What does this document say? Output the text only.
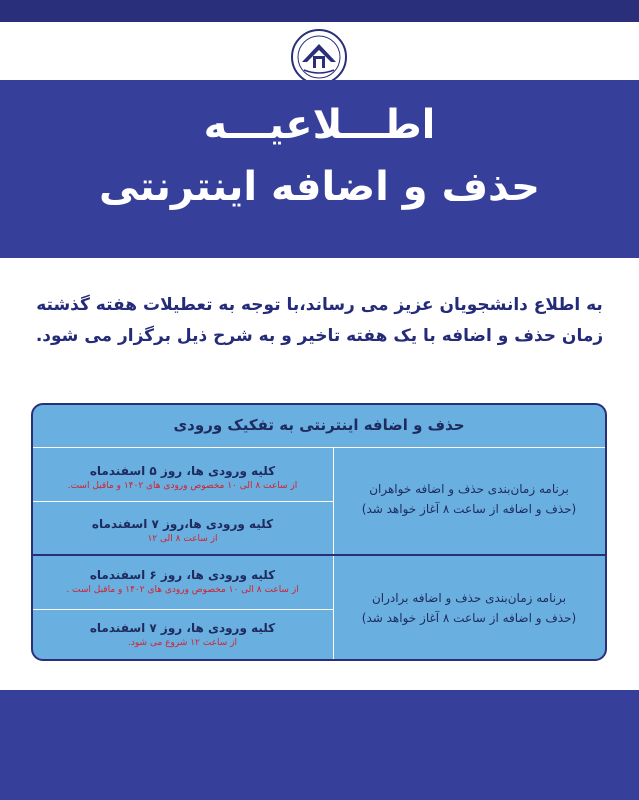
اطـــلاعیـــه
حذف و اضافه اینترنتی
به اطلاع دانشجویان عزیز می رساند،با توجه به تعطیلات هفته گذشته
زمان حذف و اضافه با یک هفته تاخیر و به شرح ذیل برگزار می شود.
حذف و اضافه اینترنتی به تفکیک ورودی
برنامه زمان‌بندی حذف و اضافه خواهران
(حذف و اضافه از ساعت ۸ آغاز خواهد شد)
کلیه ورودی ها، روز ۵ اسفندماه
از ساعت ۸ الی ۱۰ مخصوص ورودی های ۱۴۰۲ و ماقبل است.
کلیه ورودی ها،روز ۷ اسفندماه
از ساعت ۸ الی ۱۲
برنامه زمان‌بندی حذف و اضافه برادران
(حذف و اضافه از ساعت ۸ آغاز خواهد شد)
کلیه ورودی ها، روز ۶ اسفندماه
از ساعت ۸ الی ۱۰ مخصوص ورودی های ۱۴۰۲ و ماقبل است .
کلیه ورودی ها، روز ۷ اسفندماه
از ساعت ۱۲ شروع می شود.
